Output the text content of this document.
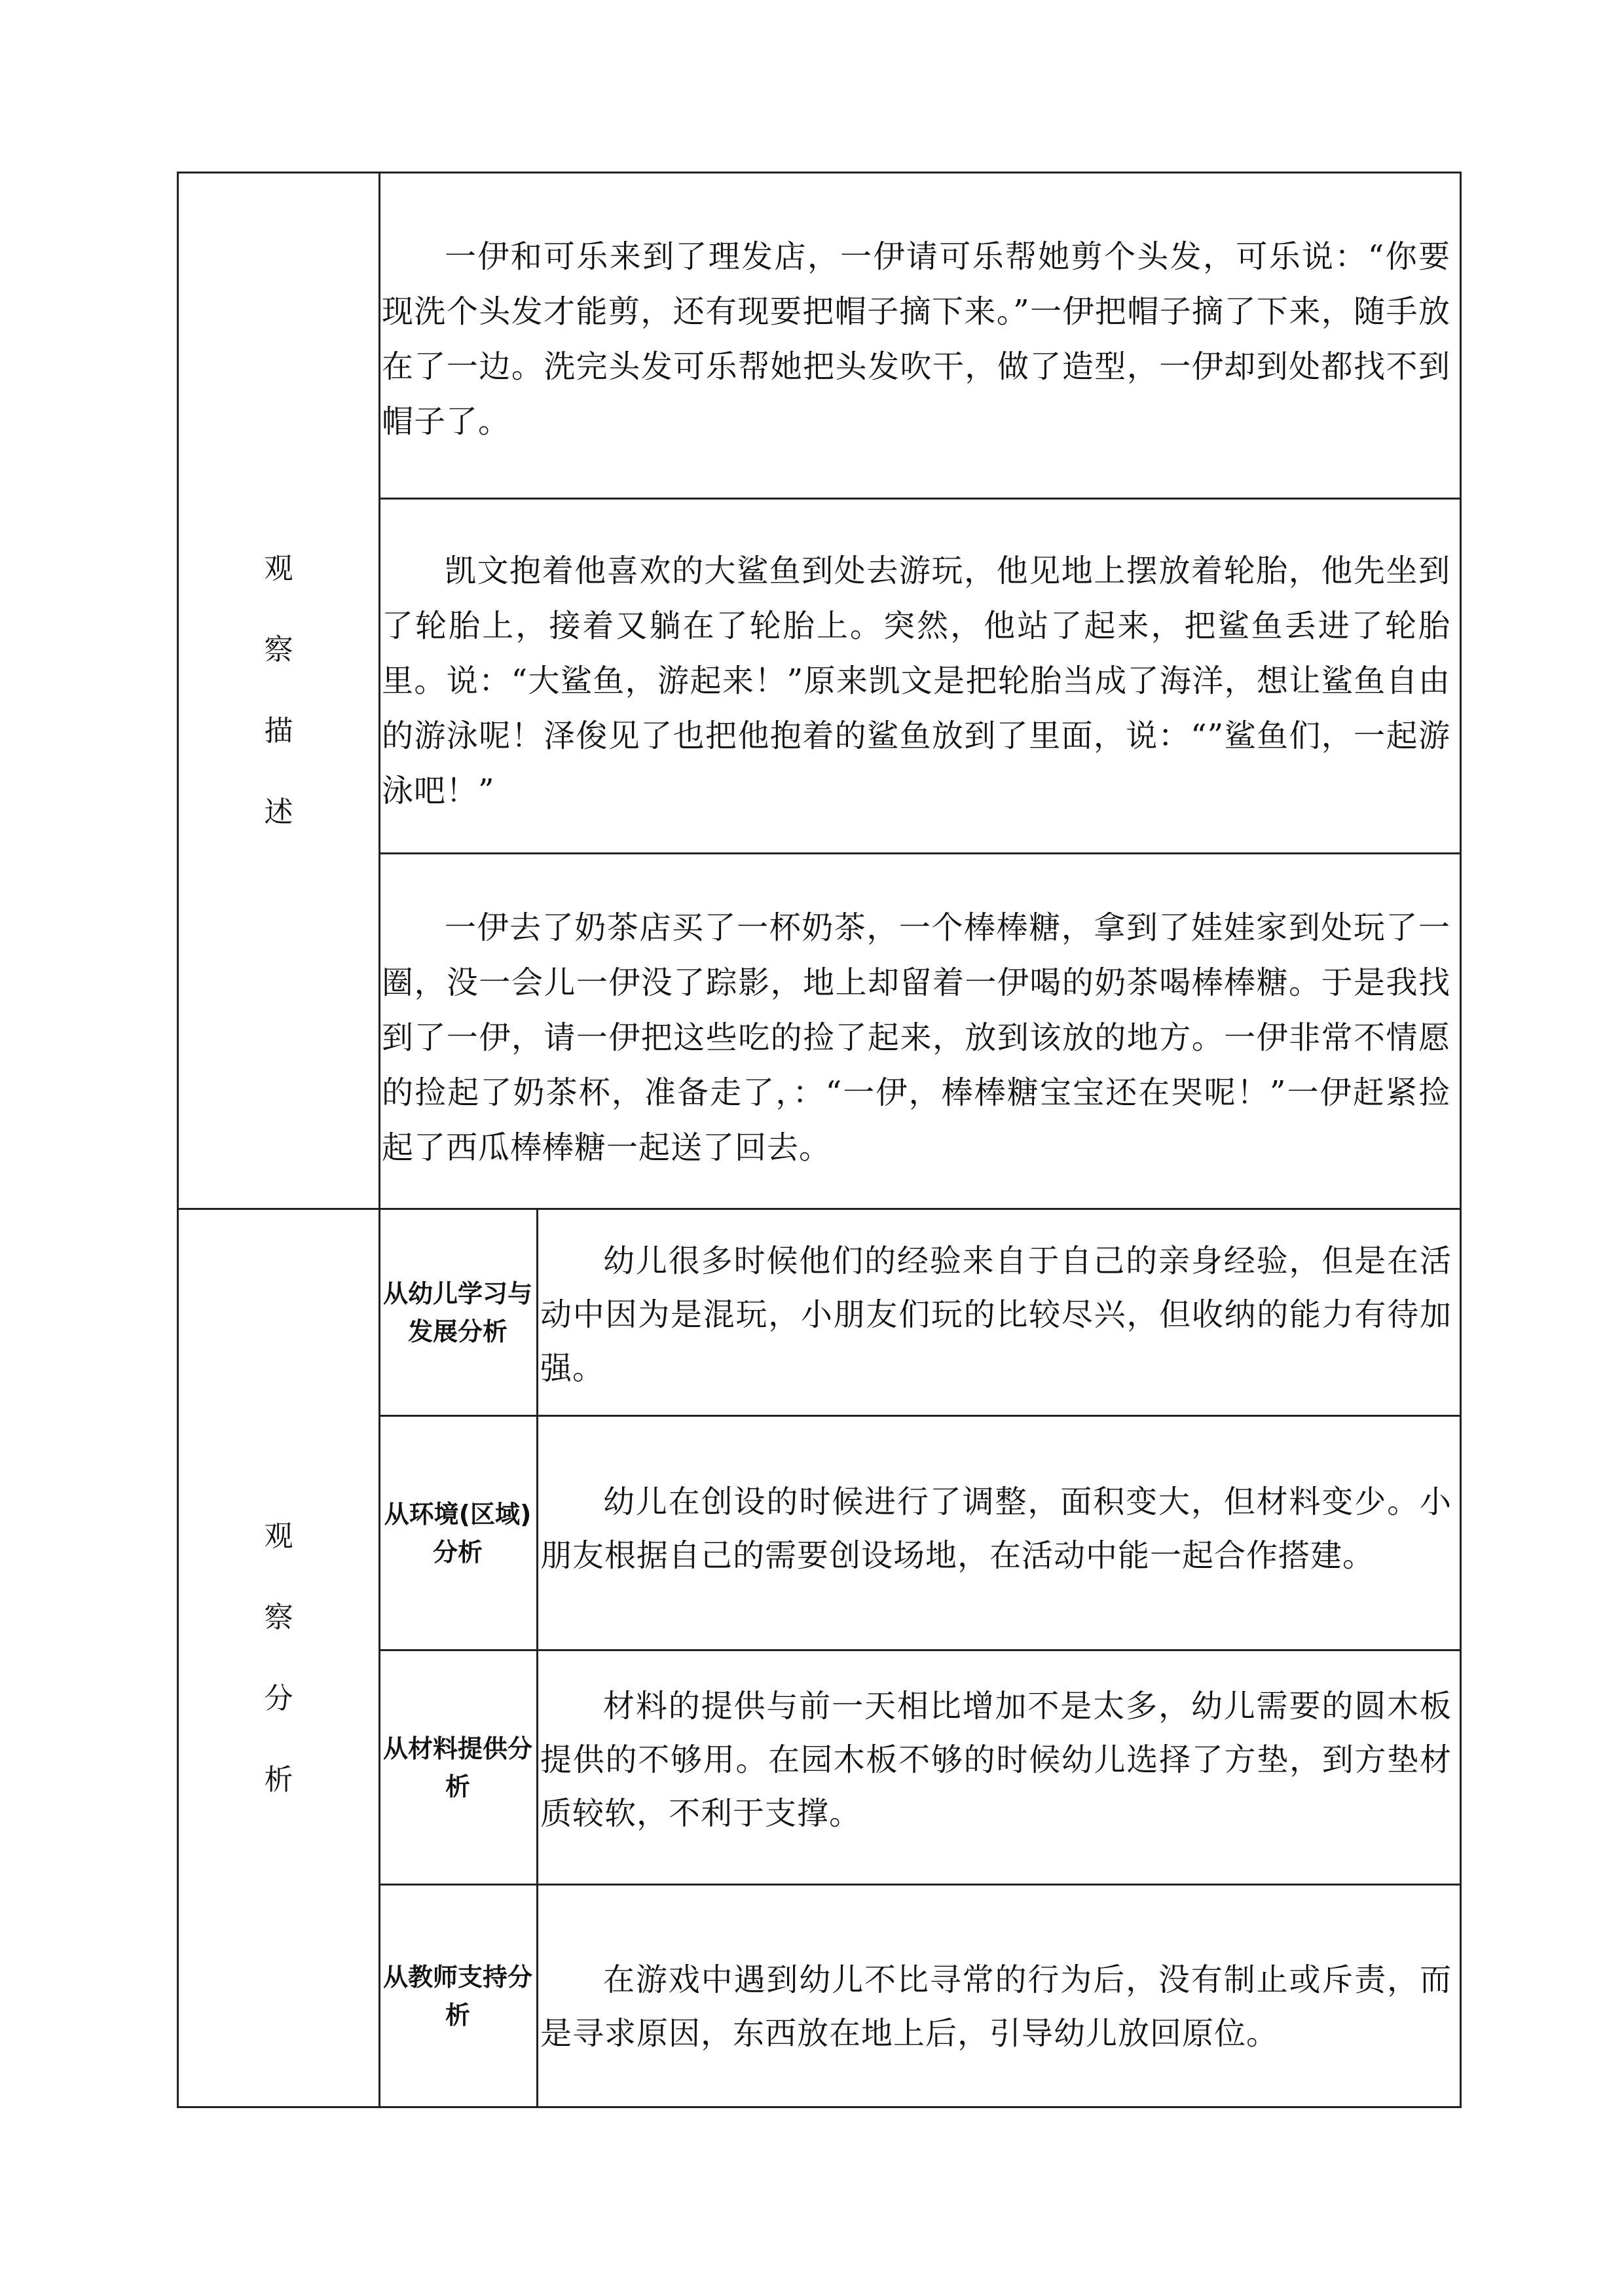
观
察
描
述
一伊和可乐来到了理发店，一伊请可乐帮她剪个头发，可乐说：“你要现洗个头发才能剪，还有现要把帽子摘下来。”一伊把帽子摘了下来，随手放在了一边。洗完头发可乐帮她把头发吹干，做了造型，一伊却到处都找不到帽子了。
凯文抱着他喜欢的大鲨鱼到处去游玩，他见地上摆放着轮胎，他先坐到了轮胎上，接着又躺在了轮胎上。突然，他站了起来，把鲨鱼丢进了轮胎里。说：“大鲨鱼，游起来！”原来凯文是把轮胎当成了海洋，想让鲨鱼自由的游泳呢！泽俊见了也把他抱着的鲨鱼放到了里面，说：“”鲨鱼们，一起游泳吧！”
一伊去了奶茶店买了一杯奶茶，一个棒棒糖，拿到了娃娃家到处玩了一圈，没一会儿一伊没了踪影，地上却留着一伊喝的奶茶喝棒棒糖。于是我找到了一伊，请一伊把这些吃的捡了起来，放到该放的地方。一伊非常不情愿的捡起了奶茶杯，准备走了，：“一伊，棒棒糖宝宝还在哭呢！”一伊赶紧捡起了西瓜棒棒糖一起送了回去。
观
察
分
析
从幼儿学习与发展分析
从环境(区域)分析
从材料提供分析
从教师支持分析
幼儿很多时候他们的经验来自于自己的亲身经验，但是在活动中因为是混玩，小朋友们玩的比较尽兴，但收纳的能力有待加强。
幼儿在创设的时候进行了调整，面积变大，但材料变少。小朋友根据自己的需要创设场地，在活动中能一起合作搭建。
材料的提供与前一天相比增加不是太多，幼儿需要的圆木板提供的不够用。在园木板不够的时候幼儿选择了方垫，到方垫材质较软，不利于支撑。
在游戏中遇到幼儿不比寻常的行为后，没有制止或斥责，而是寻求原因，东西放在地上后，引导幼儿放回原位。
